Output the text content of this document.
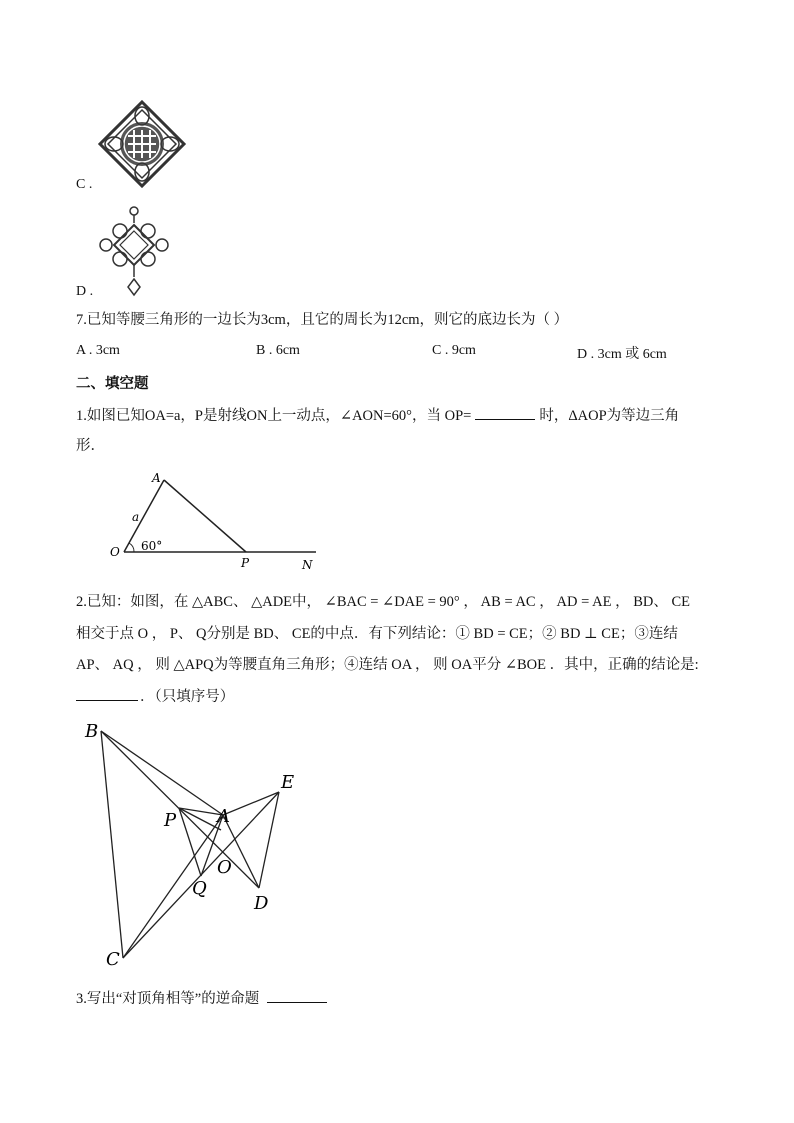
C .
D .
7.已知等腰三角形的一边长为3cm，且它的周长为12cm，则它的底边长为（ ）
A . 3cm	B . 6cm	C . 9cm	D . 3cm 或 6cm
二、填空题
1.如图已知OA=a，P是射线ON上一动点，∠AON=60°，当 OP=	时，ΔAOP为等边三角
形．
A
a
O 60°
P	N
2.已知：如图，在 △ABC、 △ADE中， ∠BAC = ∠DAE = 90° ， AB = AC ， AD = AE ， BD、 CE
相交于点 O ， P、 Q分别是 BD、 CE的中点．有下列结论：① BD = CE；② BD ⊥ CE；③连结
AP、 AQ ， 则 △APQ为等腰直角三角形；④连结 OA ， 则 OA平分 ∠BOE ．其中，正确的结论是:
．（只填序号）
B
E
P A
O
Q
D
C
3.写出“对顶角相等”的逆命题
